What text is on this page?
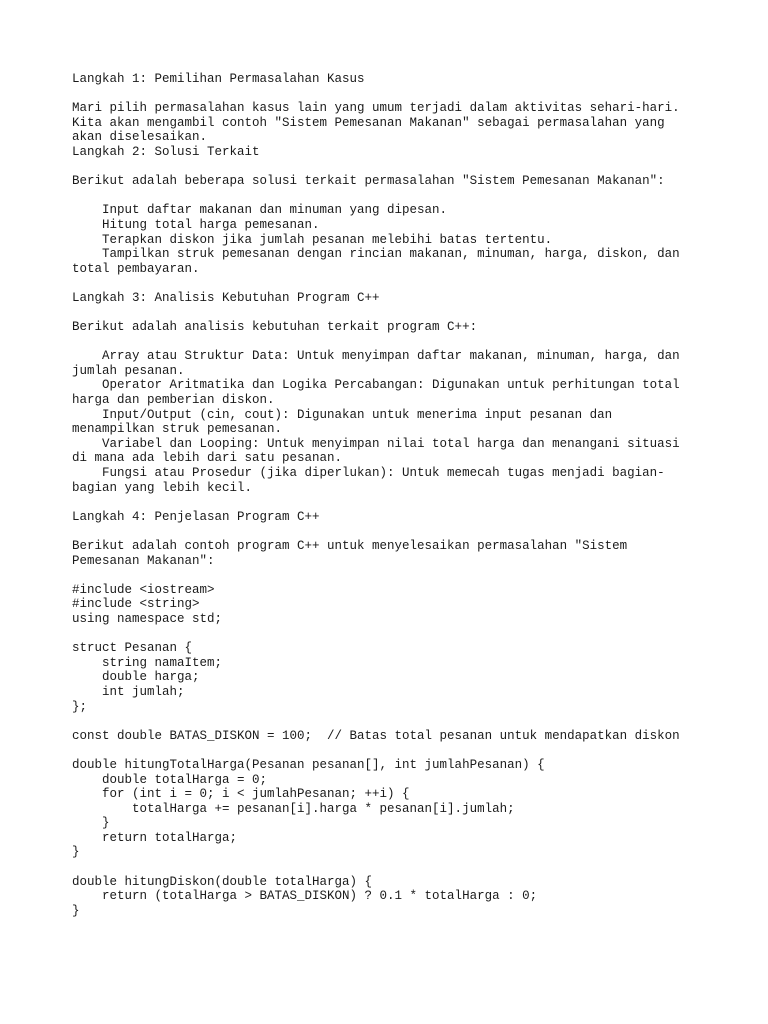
Langkah 1: Pemilihan Permasalahan Kasus
Mari pilih permasalahan kasus lain yang umum terjadi dalam aktivitas sehari-hari.
Kita akan mengambil contoh "Sistem Pemesanan Makanan" sebagai permasalahan yang
akan diselesaikan.
Langkah 2: Solusi Terkait
Berikut adalah beberapa solusi terkait permasalahan "Sistem Pemesanan Makanan":
Input daftar makanan dan minuman yang dipesan.
Hitung total harga pemesanan.
Terapkan diskon jika jumlah pesanan melebihi batas tertentu.
Tampilkan struk pemesanan dengan rincian makanan, minuman, harga, diskon, dan
total pembayaran.
Langkah 3: Analisis Kebutuhan Program C++
Berikut adalah analisis kebutuhan terkait program C++:
Array atau Struktur Data: Untuk menyimpan daftar makanan, minuman, harga, dan
jumlah pesanan.
Operator Aritmatika dan Logika Percabangan: Digunakan untuk perhitungan total
harga dan pemberian diskon.
Input/Output (cin, cout): Digunakan untuk menerima input pesanan dan
menampilkan struk pemesanan.
Variabel dan Looping: Untuk menyimpan nilai total harga dan menangani situasi
di mana ada lebih dari satu pesanan.
Fungsi atau Prosedur (jika diperlukan): Untuk memecah tugas menjadi bagian-
bagian yang lebih kecil.
Langkah 4: Penjelasan Program C++
Berikut adalah contoh program C++ untuk menyelesaikan permasalahan "Sistem
Pemesanan Makanan":
#include <iostream>
#include <string>
using namespace std;
struct Pesanan {
string namaItem;
double harga;
int jumlah;
};
const double BATAS_DISKON = 100;  // Batas total pesanan untuk mendapatkan diskon
double hitungTotalHarga(Pesanan pesanan[], int jumlahPesanan) {
double totalHarga = 0;
for (int i = 0; i < jumlahPesanan; ++i) {
totalHarga += pesanan[i].harga * pesanan[i].jumlah;
}
return totalHarga;
}
double hitungDiskon(double totalHarga) {
return (totalHarga > BATAS_DISKON) ? 0.1 * totalHarga : 0;
}
